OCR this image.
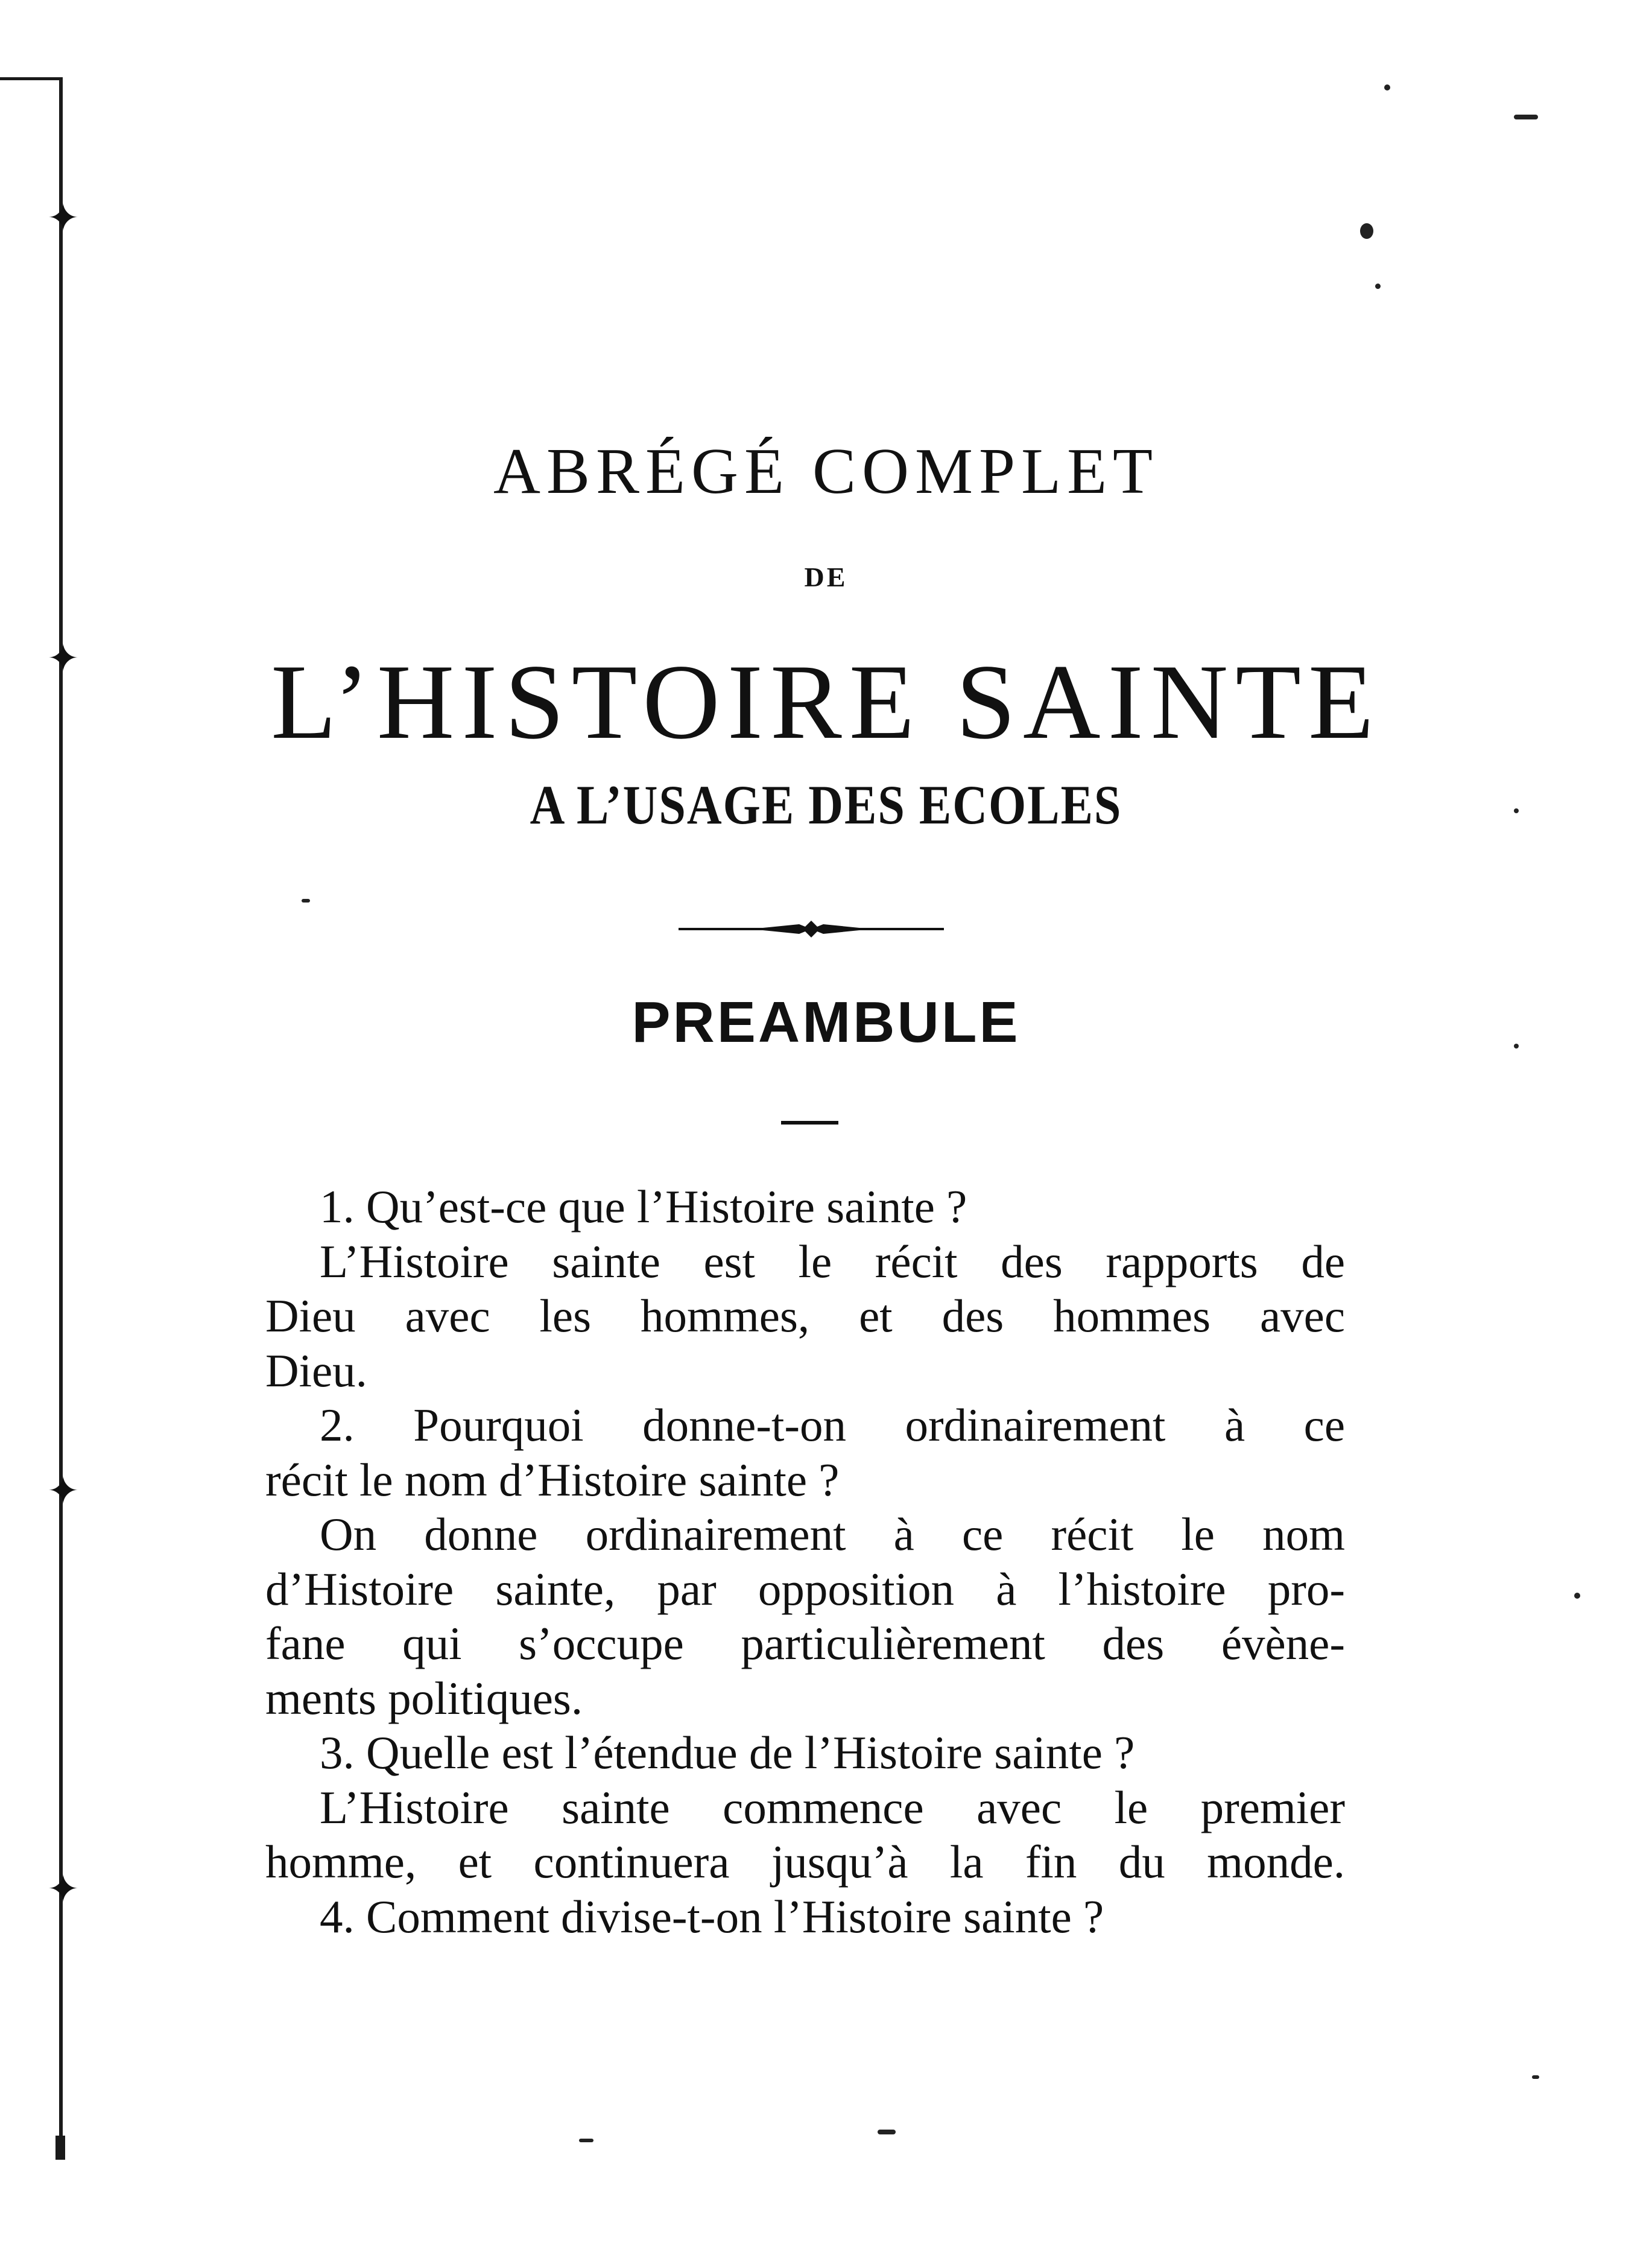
✦
✦
✦
✦
ABRÉGÉ COMPLET
DE
L’HISTOIRE SAINTE
A L’USAGE DES ECOLES
PREAMBULE

1. Qu’est-ce que l’Histoire sainte ?

L’Histoire sainte est le récit des rapports de

Dieu avec les hommes, et des hommes avec

Dieu.

2. Pourquoi donne-t-on ordinairement à ce

récit le nom d’Histoire sainte ?

On donne ordinairement à ce récit le nom

d’Histoire sainte, par opposition à l’histoire pro-

fane qui s’occupe particulièrement des évène-

ments politiques.

3. Quelle est l’étendue de l’Histoire sainte ?

L’Histoire sainte commence avec le premier

homme, et continuera jusqu’à la fin du monde.

4. Comment divise-t-on l’Histoire sainte ?
